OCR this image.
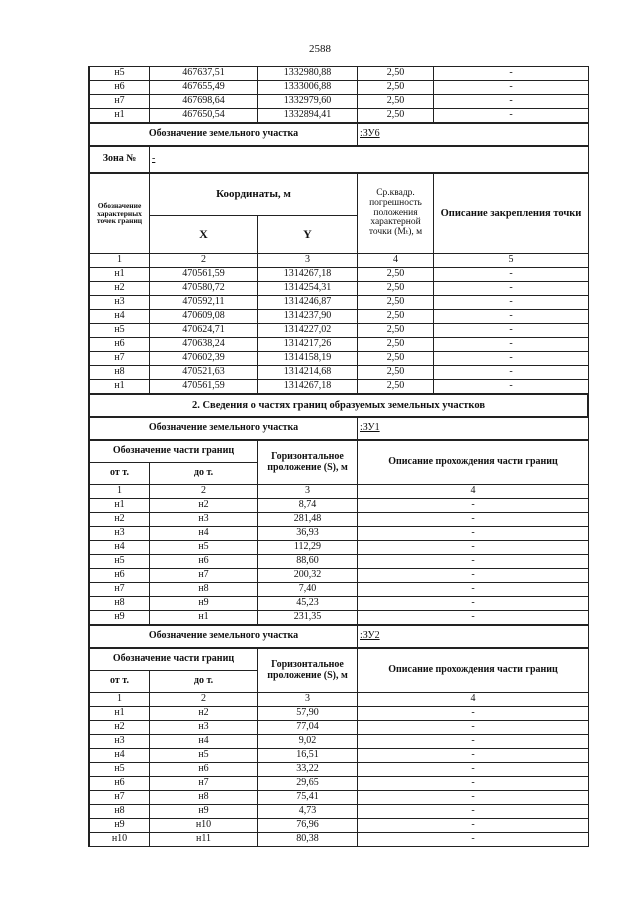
2588
н5	467637,51	1332980,88	2,50	-
н6	467655,49	1333006,88	2,50	-
н7	467698,64	1332979,60	2,50	-
н1	467650,54	1332894,41	2,50	-
Обозначение земельного участка	:ЗУ6
Зона №	-
Обозначение характерных точек границ	Координаты, м		Ср.квадр. погрешность положения характерной точки (Мₜ), м	Описание закрепления точки
	X	Y		
1	2	3	4	5
н1	470561,59	1314267,18	2,50	-
н2	470580,72	1314254,31	2,50	-
н3	470592,11	1314246,87	2,50	-
н4	470609,08	1314237,90	2,50	-
н5	470624,71	1314227,02	2,50	-
н6	470638,24	1314217,26	2,50	-
н7	470602,39	1314158,19	2,50	-
н8	470521,63	1314214,68	2,50	-
н1	470561,59	1314267,18	2,50	-
2. Сведения о частях границ образуемых земельных участков
Обозначение земельного участка	:ЗУ1
Обозначение части границ		Горизонтальное проложение (S), м	Описание прохождения части границ
от т.	до т.		
1	2	3	4
н1	н2	8,74	-
н2	н3	281,48	-
н3	н4	36,93	-
н4	н5	112,29	-
н5	н6	88,60	-
н6	н7	200,32	-
н7	н8	7,40	-
н8	н9	45,23	-
н9	н1	231,35	-
Обозначение земельного участка	:ЗУ2
Обозначение части границ		Горизонтальное проложение (S), м	Описание прохождения части границ
от т.	до т.		
1	2	3	4
н1	н2	57,90	-
н2	н3	77,04	-
н3	н4	9,02	-
н4	н5	16,51	-
н5	н6	33,22	-
н6	н7	29,65	-
н7	н8	75,41	-
н8	н9	4,73	-
н9	н10	76,96	-
н10	н11	80,38	-
